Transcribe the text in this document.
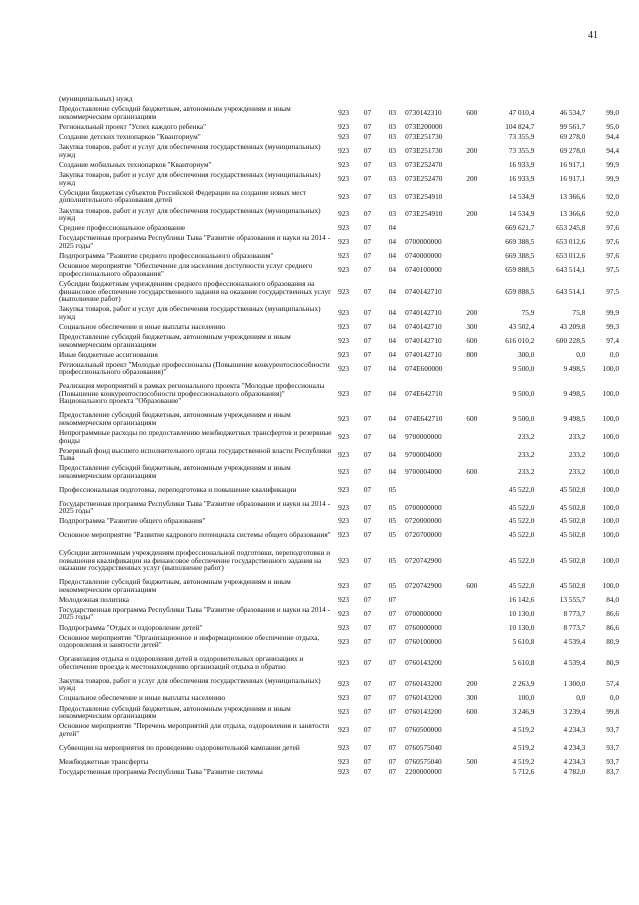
41
(муниципальных) нужд								
Предоставление субсидий бюджетным, автономным учреждениям и иным некоммерческим организациям	923	07	03	0730142310	600	47 010,4	46 534,7	99,0
Региональный проект "Успех каждого ребенка"	923	07	03	073E200000		104 824,7	99 561,7	95,0
Создание детских технопарков "Кванториум"	923	07	03	073E251730		73 355,9	69 278,0	94,4
Закупка товаров, работ и услуг для обеспечения государственных (муниципальных) нужд	923	07	03	073E251730	200	73 355,9	69 278,0	94,4
Создание мобильных технопарков "Кванториум"	923	07	03	073E252470		16 933,9	16 917,1	99,9
Закупка товаров, работ и услуг для обеспечения государственных (муниципальных) нужд	923	07	03	073E252470	200	16 933,9	16 917,1	99,9
Субсидии бюджетам субъектов Российской Федерации на создание новых мест дополнительного образования детей	923	07	03	073E254910		14 534,9	13 366,6	92,0
Закупка товаров, работ и услуг для обеспечения государственных (муниципальных) нужд	923	07	03	073E254910	200	14 534,9	13 366,6	92,0
Среднее профессиональное образование	923	07	04			669 621,7	653 245,8	97,6
Государственная программа Республики Тыва "Развитие образования и науки на 2014 - 2025 годы"	923	07	04	0700000000		669 388,5	653 012,6	97,6
Подпрограмма "Развитие среднего профессионального образования"	923	07	04	0740000000		669 388,5	653 012,6	97,6
Основное мероприятие "Обеспечение для населения доступности услуг среднего профессионального образования"	923	07	04	0740100000		659 888,5	643 514,1	97,5
Субсидии бюджетным учреждениям среднего профессионального образования на финансовое обеспечение государственного задания на оказание государственных услуг (выполнение работ)	923	07	04	0740142710		659 888,5	643 514,1	97,5
Закупка товаров, работ и услуг для обеспечения государственных (муниципальных) нужд	923	07	04	0740142710	200	75,9	75,8	99,9
Социальное обеспечение и иные выплаты населению	923	07	04	0740142710	300	43 502,4	43 209,8	99,3
Предоставление субсидий бюджетным, автономным учреждениям и иным некоммерческим организациям	923	07	04	0740142710	600	616 010,2	600 228,5	97,4
Иные бюджетные ассигнования	923	07	04	0740142710	800	300,0	0,0	0,0
Региональный проект "Молодые профессионалы (Повышение конкурентоспособности профессионального образования)"	923	07	04	074E600000		9 500,0	9 498,5	100,0
Реализация мероприятий в рамках регионального проекта "Молодые профессионалы (Повышение конкурентоспособности профессионального образования)" Национального проекта "Образование"	923	07	04	074E642710		9 500,0	9 498,5	100,0
Предоставление субсидий бюджетным, автономным учреждениям и иным некоммерческим организациям	923	07	04	074E642710	600	9 500,0	9 498,5	100,0
Непрограммные расходы по предоставлению межбюджетных трансфертов и резервные фонды	923	07	04	9700000000		233,2	233,2	100,0
Резервный фонд высшего исполнительного органа государственной власти Республики Тыва	923	07	04	9700004000		233,2	233,2	100,0
Предоставление субсидий бюджетным, автономным учреждениям и иным некоммерческим организациям	923	07	04	9700004000	600	233,2	233,2	100,0
Профессиональная подготовка, переподготовка и повышение квалификации	923	07	05			45 522,0	45 502,8	100,0
Государственная программа Республики Тыва "Развитие образования и науки на 2014 - 2025 годы"	923	07	05	0700000000		45 522,0	45 502,8	100,0
Подпрограмма "Развитие общего образования"	923	07	05	0720000000		45 522,0	45 502,8	100,0
Основное мероприятие "Развитие кадрового потенциала системы общего образования"	923	07	05	0720700000		45 522,0	45 502,8	100,0
Субсидии автономным учреждениям профессиональной подготовки, переподготовки и повышения квалификации на финансовое обеспечение государственного задания на оказание государственных услуг (выполнение работ)	923	07	05	0720742900		45 522,0	45 502,8	100,0
Предоставление субсидий бюджетным, автономным учреждениям и иным некоммерческим организациям	923	07	05	0720742900	600	45 522,0	45 502,8	100,0
Молодежная политика	923	07	07			16 142,6	13 555,7	84,0
Государственная программа Республики Тыва "Развитие образования и науки на 2014 - 2025 годы"	923	07	07	0700000000		10 130,0	8 773,7	86,6
Подпрограмма "Отдых и оздоровление детей"	923	07	07	0760000000		10 130,0	8 773,7	86,6
Основное мероприятие "Организационное и информационное обеспечение отдыха, оздоровления и занятости детей"	923	07	07	0760100000		5 610,8	4 539,4	80,9
Организация отдыха и оздоровления детей в оздоровительных организациях и обеспечение проезда к местонахождению организаций отдыха и обратно	923	07	07	0760143200		5 610,8	4 539,4	80,9
Закупка товаров, работ и услуг для обеспечения государственных (муниципальных) нужд	923	07	07	0760143200	200	2 263,9	1 300,0	57,4
Социальное обеспечение и иные выплаты населению	923	07	07	0760143200	300	100,0	0,0	0,0
Предоставление субсидий бюджетным, автономным учреждениям и иным некоммерческим организациям	923	07	07	0760143200	600	3 246,9	3 239,4	99,8
Основное мероприятие "Перечень мероприятий для отдыха, оздоровления и занятости детей"	923	07	07	0760500000		4 519,2	4 234,3	93,7
Субвенции на мероприятия по проведению оздоровительной кампании детей	923	07	07	0760575040		4 519,2	4 234,3	93,7
Межбюджетные трансферты	923	07	07	0760575040	500	4 519,2	4 234,3	93,7
Государственная программа Республики Тыва "Развитие системы	923	07	07	2200000000		5 712,6	4 782,0	83,7
